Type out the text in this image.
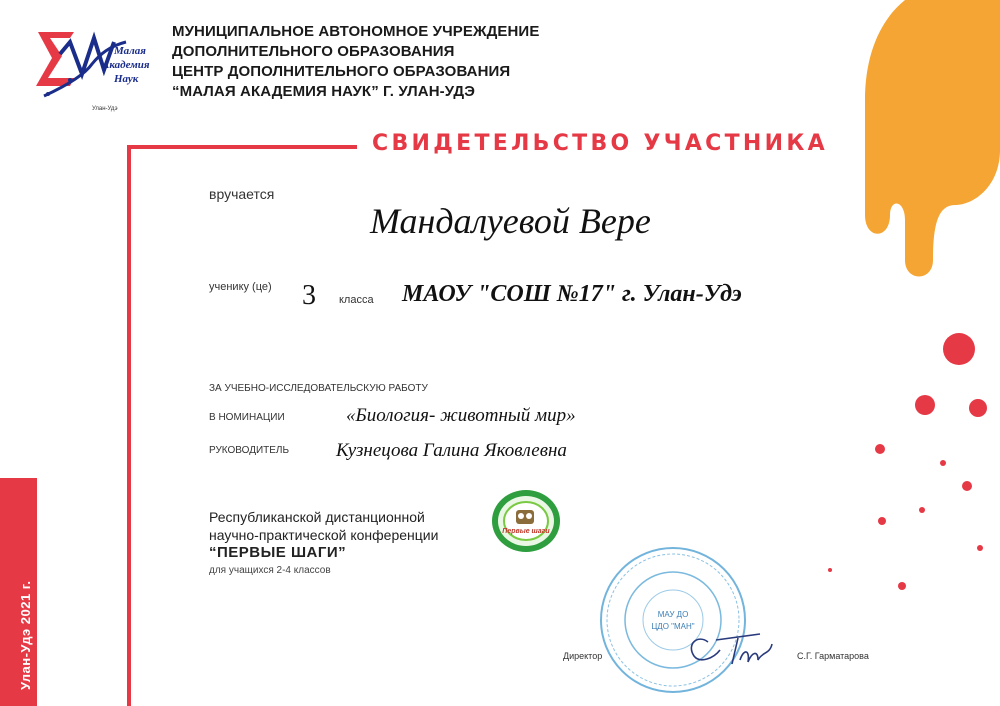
Малая
Академия
Наук
Улан-Удэ
МУНИЦИПАЛЬНОЕ АВТОНОМНОЕ УЧРЕЖДЕНИЕ
ДОПОЛНИТЕЛЬНОГО ОБРАЗОВАНИЯ
ЦЕНТР ДОПОЛНИТЕЛЬНОГО ОБРАЗОВАНИЯ
“МАЛАЯ АКАДЕМИЯ НАУК” Г. УЛАН-УДЭ
СВИДЕТЕЛЬСТВО УЧАСТНИКА
вручается
Мандалуевой Вере
ученику (це) 3 класса МАОУ "СОШ №17" г. Улан-Удэ
ЗА УЧЕБНО-ИССЛЕДОВАТЕЛЬСКУЮ РАБОТУ
В НОМИНАЦИИ	«Биология- животный мир»
РУКОВОДИТЕЛЬ Кузнецова Галина Яковлевна
Республиканской дистанционной
научно-практической конференции
“ПЕРВЫЕ ШАГИ”
для учащихся 2-4 классов
Первые шаги
МАУ ДО
ЦДО "МАН"
Директор	С.Г. Гарматарова
Улан-Удэ 2021 г.
